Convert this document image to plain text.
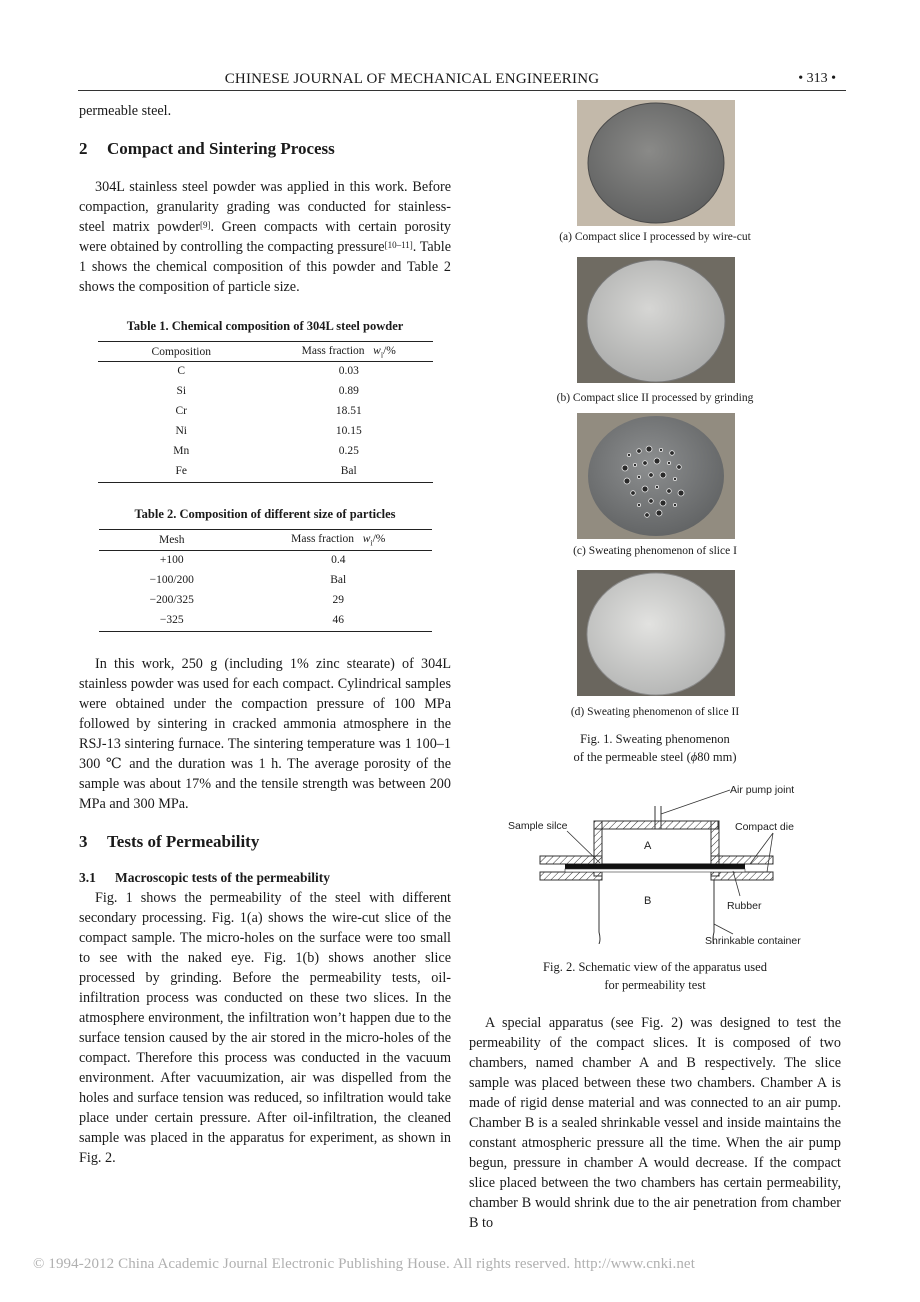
CHINESE JOURNAL OF MECHANICAL ENGINEERING	• 313 •

permeable steel.

2 Compact and Sintering Process

304L stainless steel powder was applied in this work. Before compaction, granularity grading was conducted for stainless-steel matrix powder[9]. Green compacts with certain porosity were obtained by controlling the compacting pressure[10–11]. Table 1 shows the chemical composition of this powder and Table 2 shows the composition of particle size.

Table 1. Chemical composition of 304L steel powder
Composition	Mass fraction $w_i/\%$
C	0.03
Si	0.89
Cr	18.51
Ni	10.15
Mn	0.25
Fe	Bal
Table 2. Composition of different size of particles
Mesh	Mass fraction $w_i/\%$
+100	0.4
−100/200	Bal
−200/325	29
−325	46

In this work, 250 g (including 1% zinc stearate) of 304L stainless powder was used for each compact. Cylindrical samples were obtained under the compaction pressure of 100 MPa followed by sintering in cracked ammonia atmosphere in the RSJ-13 sintering furnace. The sintering temperature was 1 100–1 300 ℃ and the duration was 1 h. The average porosity of the sample was about 17% and the tensile strength was between 200 MPa and 300 MPa.

3 Tests of Permeability
3.1 Macroscopic tests of the permeability

Fig. 1 shows the permeability of the steel with different secondary processing. Fig. 1(a) shows the wire-cut slice of the compact sample. The micro-holes on the surface were too small to see with the naked eye. Fig. 1(b) shows another slice processed by grinding. Before the permeability tests, oil-infiltration process was conducted on these two slices. In the atmosphere environment, the infiltration won’t happen due to the surface tension caused by the air stored in the micro-holes of the compact. Therefore this process was conducted in the vacuum environment. After vacuumization, air was dispelled from the holes and surface tension was reduced, so infiltration would take place under certain pressure. After oil-infiltration, the cleaned sample was placed in the apparatus for experiment, as shown in Fig. 2.

(a) Compact slice I processed by wire-cut
(b) Compact slice II processed by grinding
(c) Sweating phenomenon of slice I
(d) Sweating phenomenon of slice II
Fig. 1. Sweating phenomenon
of the permeable steel (ϕ80 mm)
Air pump joint
Sample silce	Compact die
A
B	Rubber
Shrinkable container
Fig. 2. Schematic view of the apparatus used
for permeability test

A special apparatus (see Fig. 2) was designed to test the permeability of the compact slices. It is composed of two chambers, named chamber A and B respectively. The slice sample was placed between these two chambers. Chamber A is made of rigid dense material and was connected to an air pump. Chamber B is a sealed shrinkable vessel and inside maintains the constant atmospheric pressure all the time. When the air pump begun, pressure in chamber A would decrease. If the compact slice placed between the two chambers has certain permeability, chamber B would shrink due to the air penetration from chamber B to

© 1994-2012 China Academic Journal Electronic Publishing House. All rights reserved. http://www.cnki.net
